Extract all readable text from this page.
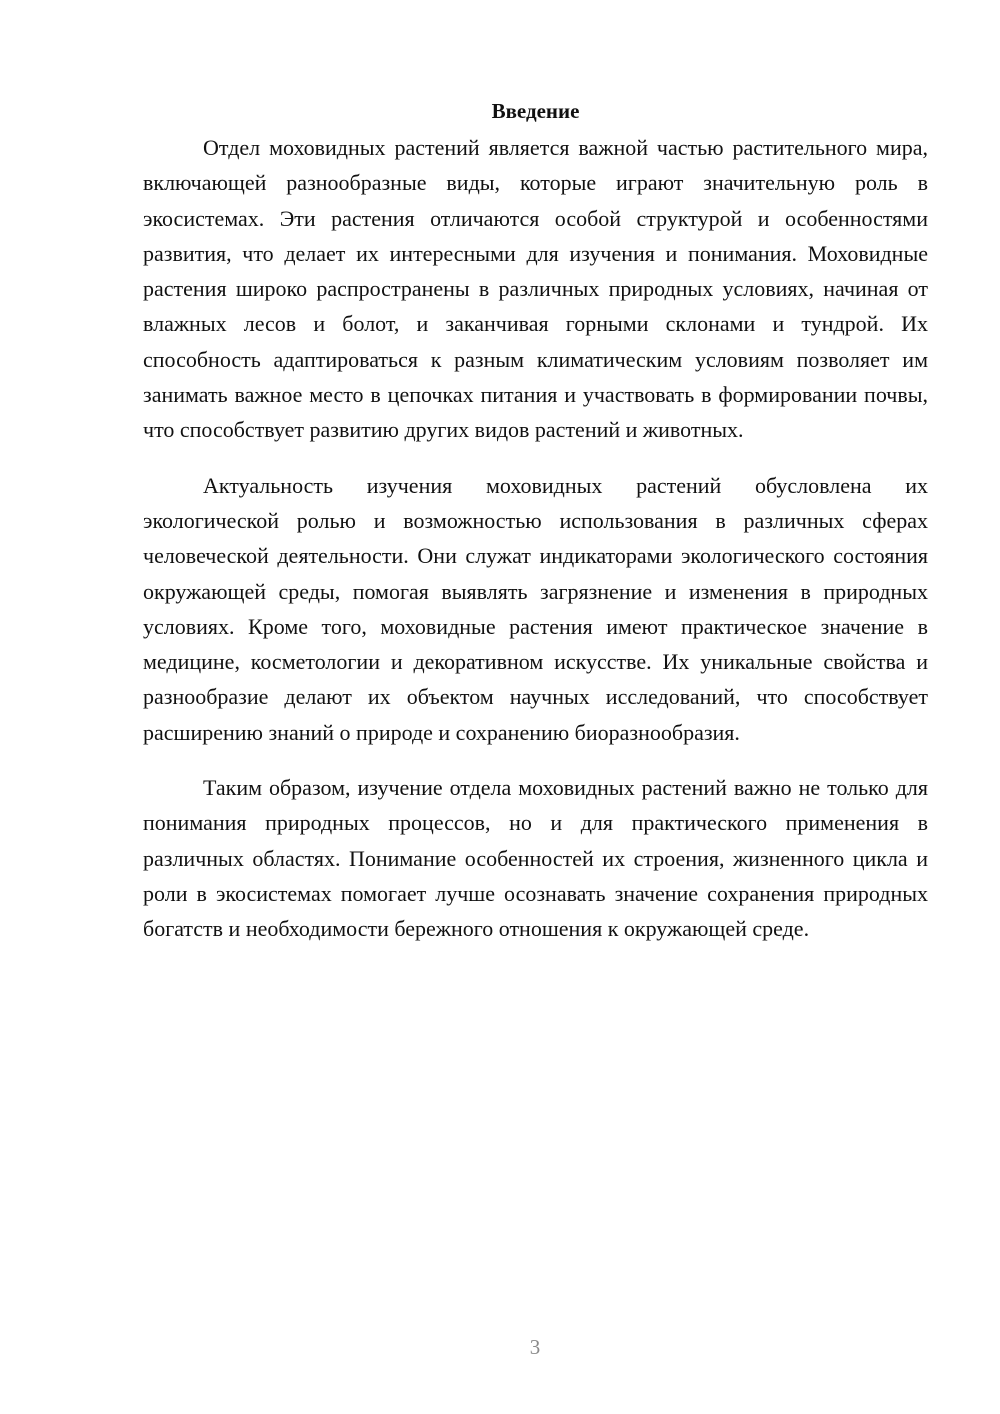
Введение

Отдел моховидных растений является важной частью растительного мира, включающей разнообразные виды, которые играют значительную роль в экосистемах. Эти растения отличаются особой структурой и особенностями развития, что делает их интересными для изучения и понимания. Моховидные растения широко распространены в различных природных условиях, начиная от влажных лесов и болот, и заканчивая горными склонами и тундрой. Их способность адаптироваться к разным климатическим условиям позволяет им занимать важное место в цепочках питания и участвовать в формировании почвы, что способствует развитию других видов растений и животных.

Актуальность изучения моховидных растений обусловлена их экологической ролью и возможностью использования в различных сферах человеческой деятельности. Они служат индикаторами экологического состояния окружающей среды, помогая выявлять загрязнение и изменения в природных условиях. Кроме того, моховидные растения имеют практическое значение в медицине, косметологии и декоративном искусстве. Их уникальные свойства и разнообразие делают их объектом научных исследований, что способствует расширению знаний о природе и сохранению биоразнообразия.

Таким образом, изучение отдела моховидных растений важно не только для понимания природных процессов, но и для практического применения в различных областях. Понимание особенностей их строения, жизненного цикла и роли в экосистемах помогает лучше осознавать значение сохранения природных богатств и необходимости бережного отношения к окружающей среде.

3
